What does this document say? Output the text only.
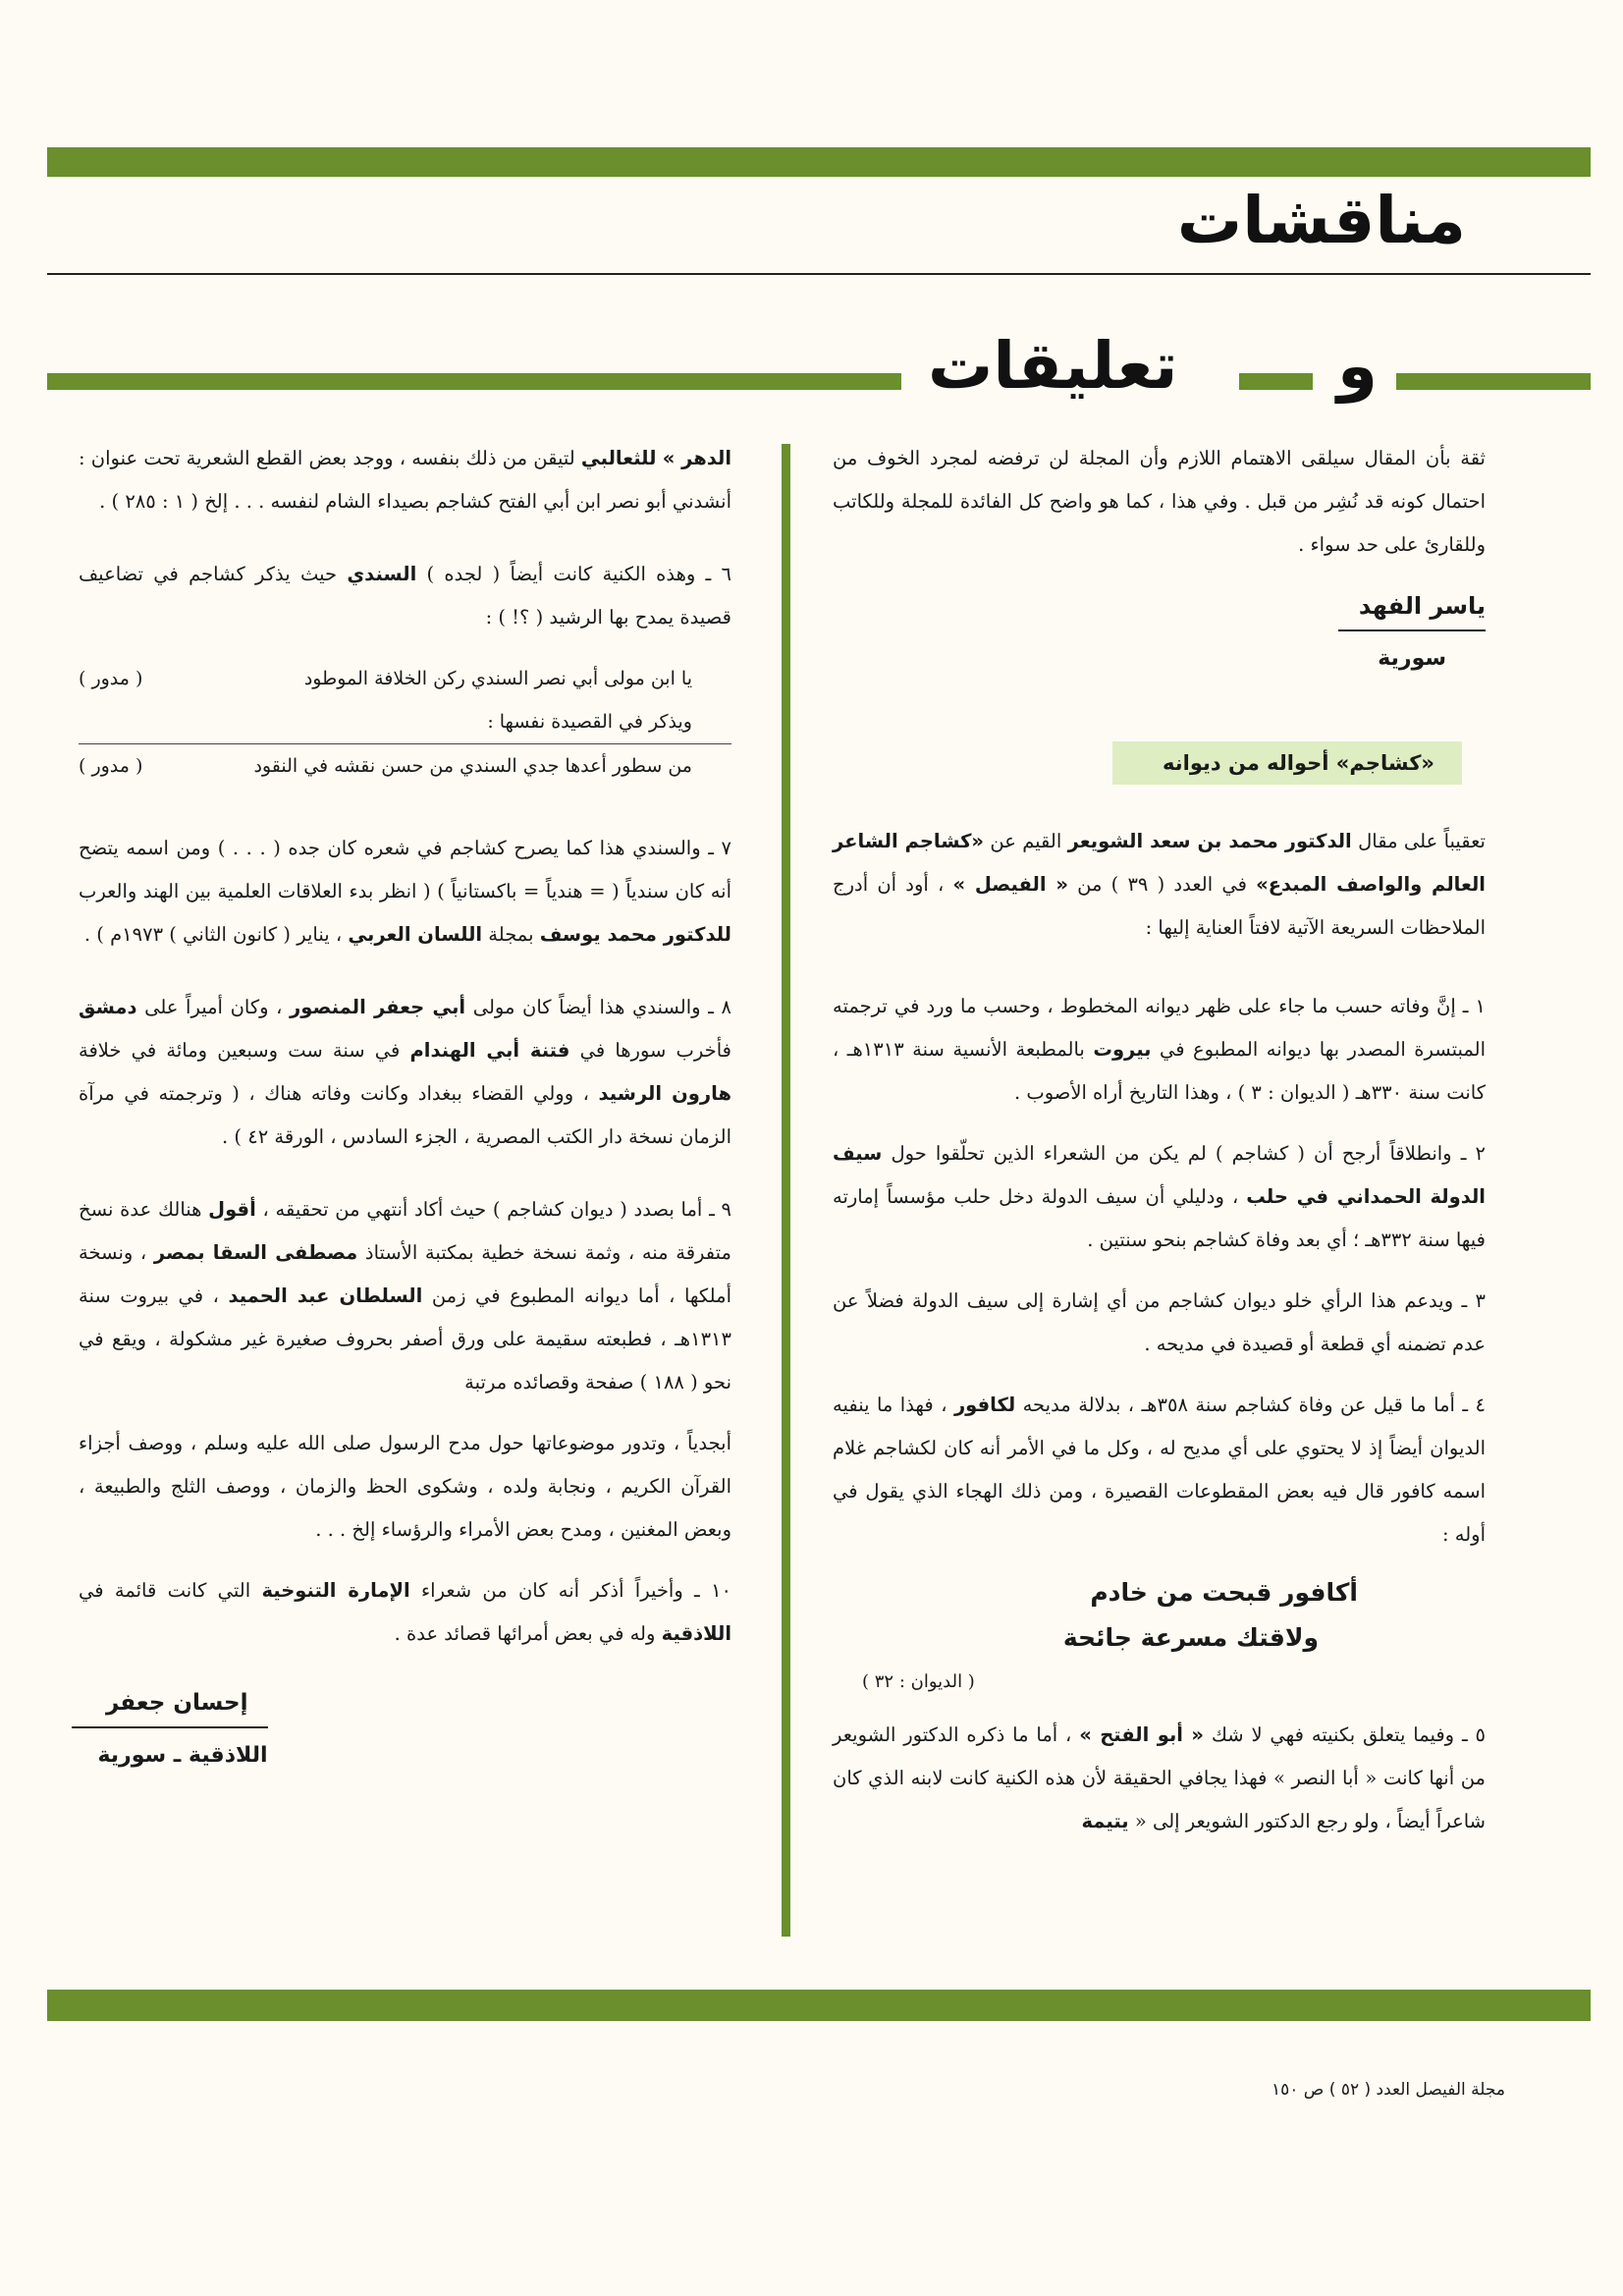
مناقشات
و
تعليقات

ثقة بأن المقال سيلقى الاهتمام اللازم وأن المجلة لن ترفضه لمجرد الخوف من احتمال كونه قد نُشِر من قبل . وفي هذا ، كما هو واضح كل الفائدة للمجلة وللكاتب وللقارئ على حد سواء .

ياسر الفهد
سورية
«كشاجم» أحواله من ديوانه

تعقيباً على مقال الدكتور محمد بن سعد الشويعر القيم عن «كشاجم الشاعر العالم والواصف المبدع» في العدد ( ٣٩ ) من « الفيصل » ، أود أن أدرج الملاحظات السريعة الآتية لافتاً العناية إليها :

١ ـ إنَّ وفاته حسب ما جاء على ظهر ديوانه المخطوط ، وحسب ما ورد في ترجمته المبتسرة المصدر بها ديوانه المطبوع في بيروت بالمطبعة الأنسية سنة ١٣١٣هـ ، كانت سنة ٣٣٠هـ ( الديوان : ٣ ) ، وهذا التاريخ أراه الأصوب .

٢ ـ وانطلاقاً أرجح أن ( كشاجم ) لم يكن من الشعراء الذين تحلّقوا حول سيف الدولة الحمداني في حلب ، ودليلي أن سيف الدولة دخل حلب مؤسساً إمارته فيها سنة ٣٣٢هـ ؛ أي بعد وفاة كشاجم بنحو سنتين .

٣ ـ ويدعم هذا الرأي خلو ديوان كشاجم من أي إشارة إلى سيف الدولة فضلاً عن عدم تضمنه أي قطعة أو قصيدة في مديحه .

٤ ـ أما ما قيل عن وفاة كشاجم سنة ٣٥٨هـ ، بدلالة مديحه لكافور ، فهذا ما ينفيه الديوان أيضاً إذ لا يحتوي على أي مديح له ، وكل ما في الأمر أنه كان لكشاجم غلام اسمه كافور قال فيه بعض المقطوعات القصيرة ، ومن ذلك الهجاء الذي يقول في أوله :

أكافور قبحت من خادم
ولاقتك مسرعة جائحة
( الديوان : ٣٢ )

٥ ـ وفيما يتعلق بكنيته فهي لا شك « أبو الفتح » ، أما ما ذكره الدكتور الشويعر من أنها كانت « أبا النصر » فهذا يجافي الحقيقة لأن هذه الكنية كانت لابنه الذي كان شاعراً أيضاً ، ولو رجع الدكتور الشويعر إلى « يتيمة

الدهر » للثعالبي لتيقن من ذلك بنفسه ، ووجد بعض القطع الشعرية تحت عنوان : أنشدني أبو نصر ابن أبي الفتح كشاجم بصيداء الشام لنفسه . . . إلخ ( ١ : ٢٨٥ ) .

٦ ـ وهذه الكنية كانت أيضاً ( لجده ) السندي حيث يذكر كشاجم في تضاعيف قصيدة يمدح بها الرشيد ( ؟! ) :

يا ابن مولى أبي نصر السندي ركن الخلافة الموطود
( مدور )
ويذكر في القصيدة نفسها :
من سطور أعدها جدي السندي من حسن نقشه في النقود
( مدور )

٧ ـ والسندي هذا كما يصرح كشاجم في شعره كان جده ( . . . ) ومن اسمه يتضح أنه كان سندياً ( = هندياً = باكستانياً ) ( انظر بدء العلاقات العلمية بين الهند والعرب للدكتور محمد يوسف بمجلة اللسان العربي ، يناير ( كانون الثاني ) ١٩٧٣م ) .

٨ ـ والسندي هذا أيضاً كان مولى أبي جعفر المنصور ، وكان أميراً على دمشق فأخرب سورها في فتنة أبي الهندام في سنة ست وسبعين ومائة في خلافة هارون الرشيد ، وولي القضاء ببغداد وكانت وفاته هناك ، ( وترجمته في مرآة الزمان نسخة دار الكتب المصرية ، الجزء السادس ، الورقة ٤٢ ) .

٩ ـ أما بصدد ( ديوان كشاجم ) حيث أكاد أنتهي من تحقيقه ، أقول هنالك عدة نسخ متفرقة منه ، وثمة نسخة خطية بمكتبة الأستاذ مصطفى السقا بمصر ، ونسخة أملكها ، أما ديوانه المطبوع في زمن السلطان عبد الحميد ، في بيروت سنة ١٣١٣هـ ، فطبعته سقيمة على ورق أصفر بحروف صغيرة غير مشكولة ، ويقع في نحو ( ١٨٨ ) صفحة وقصائده مرتبة

أبجدياً ، وتدور موضوعاتها حول مدح الرسول صلى الله عليه وسلم ، ووصف أجزاء القرآن الكريم ، ونجابة ولده ، وشكوى الحظ والزمان ، ووصف الثلج والطبيعة ، وبعض المغنين ، ومدح بعض الأمراء والرؤساء إلخ . . .

١٠ ـ وأخيراً أذكر أنه كان من شعراء الإمارة التنوخية التي كانت قائمة في اللاذقية وله في بعض أمرائها قصائد عدة .

إحسان جعفر
اللاذقية ـ سورية
مجلة الفيصل العدد ( ٥٢ ) ص ١٥٠
